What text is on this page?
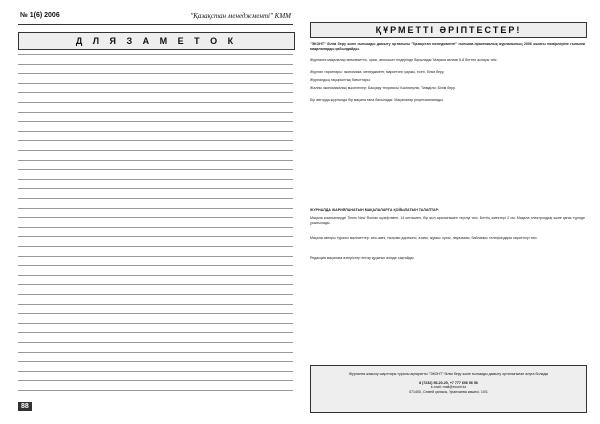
№ 1(6) 2006	"Қазақстан менеджменті" КММ
Д Л Я З А М Е Т О К
88
ҚҰРМЕТТІ ӘРІПТЕСТЕР!
"ЭКОНТ" білім беру және ғылымды дамыту орталығы "Қазақстан менеджменті" ғылыми-практикалық журналының 2006 жылғы нөмірлеріне ғылыми мақалаларды қабылдайды.
Журналға мақалалар мемлекеттік, орыс, ағылшын тілдерінде басылады. Мақала көлемі 5-8 беттен аспауы тиіс.
Журнал тараптары: экономика, менеджмент, маркетинг, қаржы, есеп, білім беру.
Журналдың тақырыптық бағыттары:
Жалпы экономикалық мәселелер; Басқару теориясы; Кәсіпкерлік; Тиімділік; Білім беру.
Бір авторда журналда бір мақала ғана басылады. Мақалалар рецензияланады.
ЖУРНАЛДА ЖАРИЯЛАНАТЫН МАҚАЛАЛАРҒА ҚОЙЫЛАТЫН ТАЛАПТАР:
Мақала компьютерде Times New Roman шрифтімен, 14 кегльмен, бір жол аралығымен терілуі тиіс. Беттің жиектері 2 см. Мақала электрондық және қағаз түрінде ұсынылады.
Мақала авторы туралы мәліметтер: аты-жөні, ғылыми дәрежесі, атағы, жұмыс орны, лауазымы, байланыс телефондары көрсетілуі тиіс.
Редакция мақалаға өзгерістер енгізу құқығын өзінде сақтайды.
Журналға жазылу шарттары туралы ақпаратты "ЭКОНТ" білім беру және ғылымды дамыту орталығынан алуға болады
8 (7232) 56-20-20, +7 777 606 56 56
e-mail: mail@econt.kz
071400, Семей қаласы, Уранхаева көшесі, 10/1
